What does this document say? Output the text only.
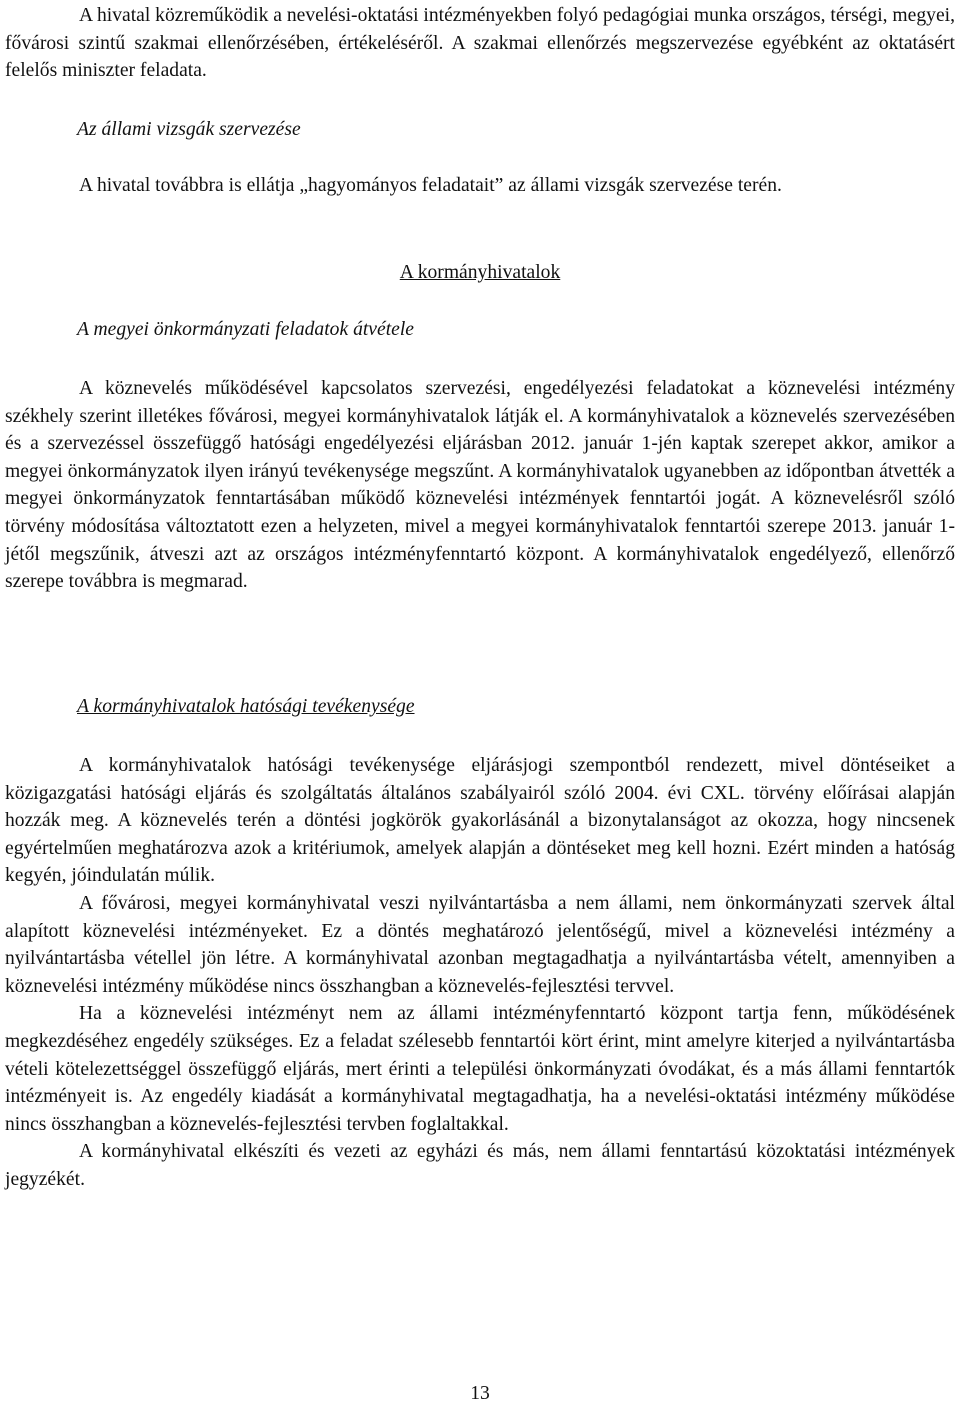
A hivatal közreműködik a nevelési-oktatási intézményekben folyó pedagógiai munka országos, térségi, megyei, fővárosi szintű szakmai ellenőrzésében, értékeléséről. A szakmai ellenőrzés megszervezése egyébként az oktatásért felelős miniszter feladata.

Az állami vizsgák szervezése

A hivatal továbbra is ellátja „hagyományos feladatait” az állami vizsgák szervezése terén.

A kormányhivatalok

A megyei önkormányzati feladatok átvétele

A köznevelés működésével kapcsolatos szervezési, engedélyezési feladatokat a köznevelési intézmény székhely szerint illetékes fővárosi, megyei kormányhivatalok látják el. A kormányhivatalok a köznevelés szervezésében és a szervezéssel összefüggő hatósági engedélyezési eljárásban 2012. január 1-jén kaptak szerepet akkor, amikor a megyei önkormányzatok ilyen irányú tevékenysége megszűnt. A kormányhivatalok ugyanebben az időpontban átvették a megyei önkormányzatok fenntartásában működő köznevelési intézmények fenntartói jogát. A köznevelésről szóló törvény módosítása változtatott ezen a helyzeten, mivel a megyei kormányhivatalok fenntartói szerepe 2013. január 1-jétől megszűnik, átveszi azt az országos intézményfenntartó központ. A kormányhivatalok engedélyező, ellenőrző szerepe továbbra is megmarad.

A kormányhivatalok hatósági tevékenysége

A kormányhivatalok hatósági tevékenysége eljárásjogi szempontból rendezett, mivel döntéseiket a közigazgatási hatósági eljárás és szolgáltatás általános szabályairól szóló 2004. évi CXL. törvény előírásai alapján hozzák meg. A köznevelés terén a döntési jogkörök gyakorlásánál a bizonytalanságot az okozza, hogy nincsenek egyértelműen meghatározva azok a kritériumok, amelyek alapján a döntéseket meg kell hozni. Ezért minden a hatóság kegyén, jóindulatán múlik.

A fővárosi, megyei kormányhivatal veszi nyilvántartásba a nem állami, nem önkormányzati szervek által alapított köznevelési intézményeket. Ez a döntés meghatározó jelentőségű, mivel a köznevelési intézmény a nyilvántartásba vétellel jön létre. A kormányhivatal azonban megtagadhatja a nyilvántartásba vételt, amennyiben a köznevelési intézmény működése nincs összhangban a köznevelés-fejlesztési tervvel.

Ha a köznevelési intézményt nem az állami intézményfenntartó központ tartja fenn, működésének megkezdéséhez engedély szükséges. Ez a feladat szélesebb fenntartói kört érint, mint amelyre kiterjed a nyilvántartásba vételi kötelezettséggel összefüggő eljárás, mert érinti a települési önkormányzati óvodákat, és a más állami fenntartók intézményeit is. Az engedély kiadását a kormányhivatal megtagadhatja, ha a nevelési-oktatási intézmény működése nincs összhangban a köznevelés-fejlesztési tervben foglaltakkal.

A kormányhivatal elkészíti és vezeti az egyházi és más, nem állami fenntartású közoktatási intézmények jegyzékét.

13
